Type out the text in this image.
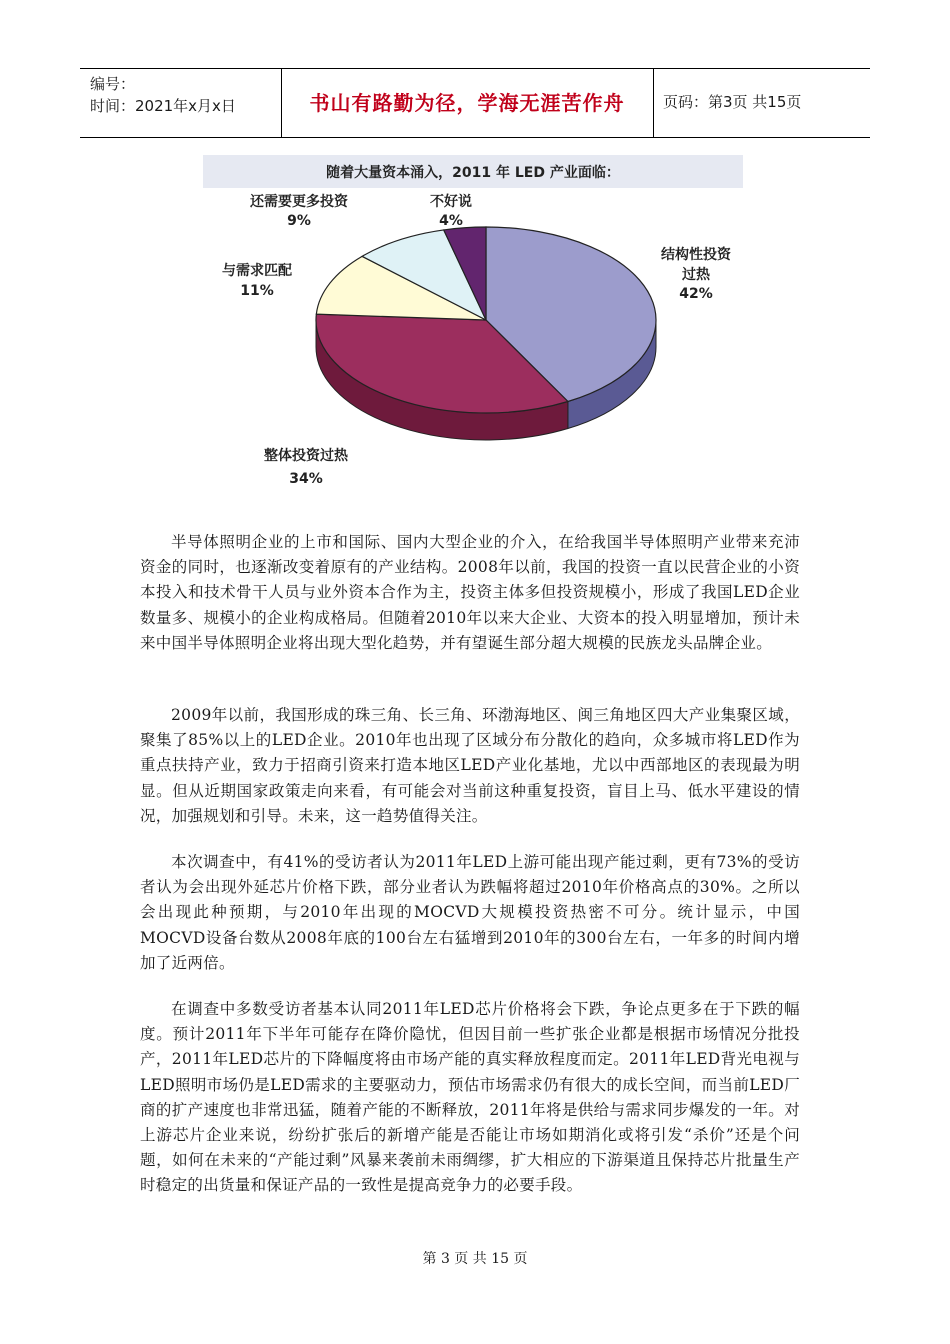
编号：
时间：2021年x月x日	书山有路勤为径，学海无涯苦作舟	页码：第3页 共15页
随着大量资本涌入，2011 年 LED 产业面临：
结构性投资
过热
42%
整体投资过热
34%
与需求匹配
11%
还需要更多投资
9%
不好说
4%
半导体照明企业的上市和国际、国内大型企业的介入，在给我国半导体照明产业带来充沛资金的同时，也逐渐改变着原有的产业结构。2008年以前，我国的投资一直以民营企业的小资本投入和技术骨干人员与业外资本合作为主，投资主体多但投资规模小，形成了我国LED企业数量多、规模小的企业构成格局。但随着2010年以来大企业、大资本的投入明显增加，预计未来中国半导体照明企业将出现大型化趋势，并有望诞生部分超大规模的民族龙头品牌企业。
2009年以前，我国形成的珠三角、长三角、环渤海地区、闽三角地区四大产业集聚区域，聚集了85%以上的LED企业。2010年也出现了区域分布分散化的趋向，众多城市将LED作为重点扶持产业，致力于招商引资来打造本地区LED产业化基地，尤以中西部地区的表现最为明显。但从近期国家政策走向来看，有可能会对当前这种重复投资，盲目上马、低水平建设的情况，加强规划和引导。未来，这一趋势值得关注。
本次调查中，有41%的受访者认为2011年LED上游可能出现产能过剩，更有73%的受访者认为会出现外延芯片价格下跌，部分业者认为跌幅将超过2010年价格高点的30%。之所以会出现此种预期，与2010年出现的MOCVD大规模投资热密不可分。统计显示，中国MOCVD设备台数从2008年底的100台左右猛增到2010年的300台左右，一年多的时间内增加了近两倍。
在调查中多数受访者基本认同2011年LED芯片价格将会下跌，争论点更多在于下跌的幅度。预计2011年下半年可能存在降价隐忧，但因目前一些扩张企业都是根据市场情况分批投产，2011年LED芯片的下降幅度将由市场产能的真实释放程度而定。2011年LED背光电视与LED照明市场仍是LED需求的主要驱动力，预估市场需求仍有很大的成长空间，而当前LED厂商的扩产速度也非常迅猛，随着产能的不断释放，2011年将是供给与需求同步爆发的一年。对上游芯片企业来说，纷纷扩张后的新增产能是否能让市场如期消化或将引发“杀价”还是个问题，如何在未来的“产能过剩”风暴来袭前未雨绸缪，扩大相应的下游渠道且保持芯片批量生产时稳定的出货量和保证产品的一致性是提高竞争力的必要手段。
第 3 页 共 15 页
